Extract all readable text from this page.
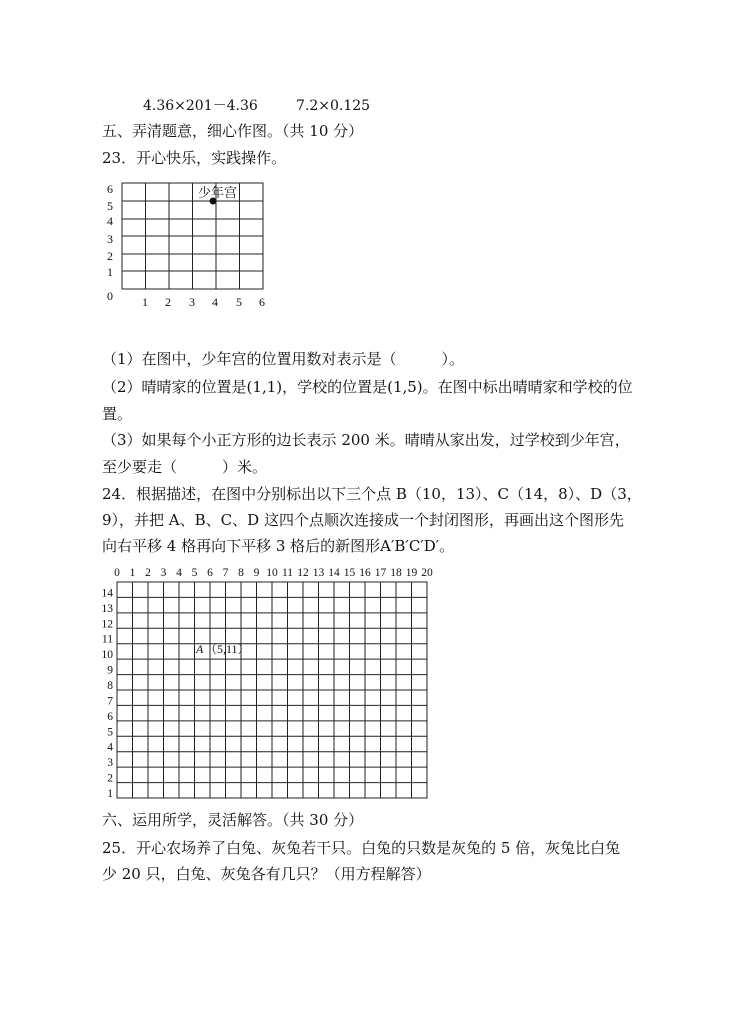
4.36×201－4.36	7.2×0.125
五、弄清题意，细心作图。（共 10 分）
23．开心快乐，实践操作。
6
5
4
3
2
1
0 1 2 3 4 5 6
少年宫
0 1 2 3 4 5 6 7 8 9 10 11 12 13 14 15 16 17 18 19 20
14
13
12
11
10
9
8
7
6
5
4
3
2
1
A （5,11）
（1）在图中，少年宫的位置用数对表示是（　　　）。
（2）晴晴家的位置是(1,1)，学校的位置是(1,5)。在图中标出晴晴家和学校的位
置。
（3）如果每个小正方形的边长表示 200 米。晴晴从家出发，过学校到少年宫，
至少要走（　　　）米。
24．根据描述，在图中分别标出以下三个点 B（10，13）、C（14，8）、D（3，
9），并把 A、B、C、D 这四个点顺次连接成一个封闭图形，再画出这个图形先
向右平移 4 格再向下平移 3 格后的新图形A′B′C′D′。
六、运用所学，灵活解答。（共 30 分）
25．开心农场养了白兔、灰兔若干只。白兔的只数是灰兔的 5 倍，灰兔比白兔
少 20 只，白兔、灰兔各有几只？（用方程解答）
